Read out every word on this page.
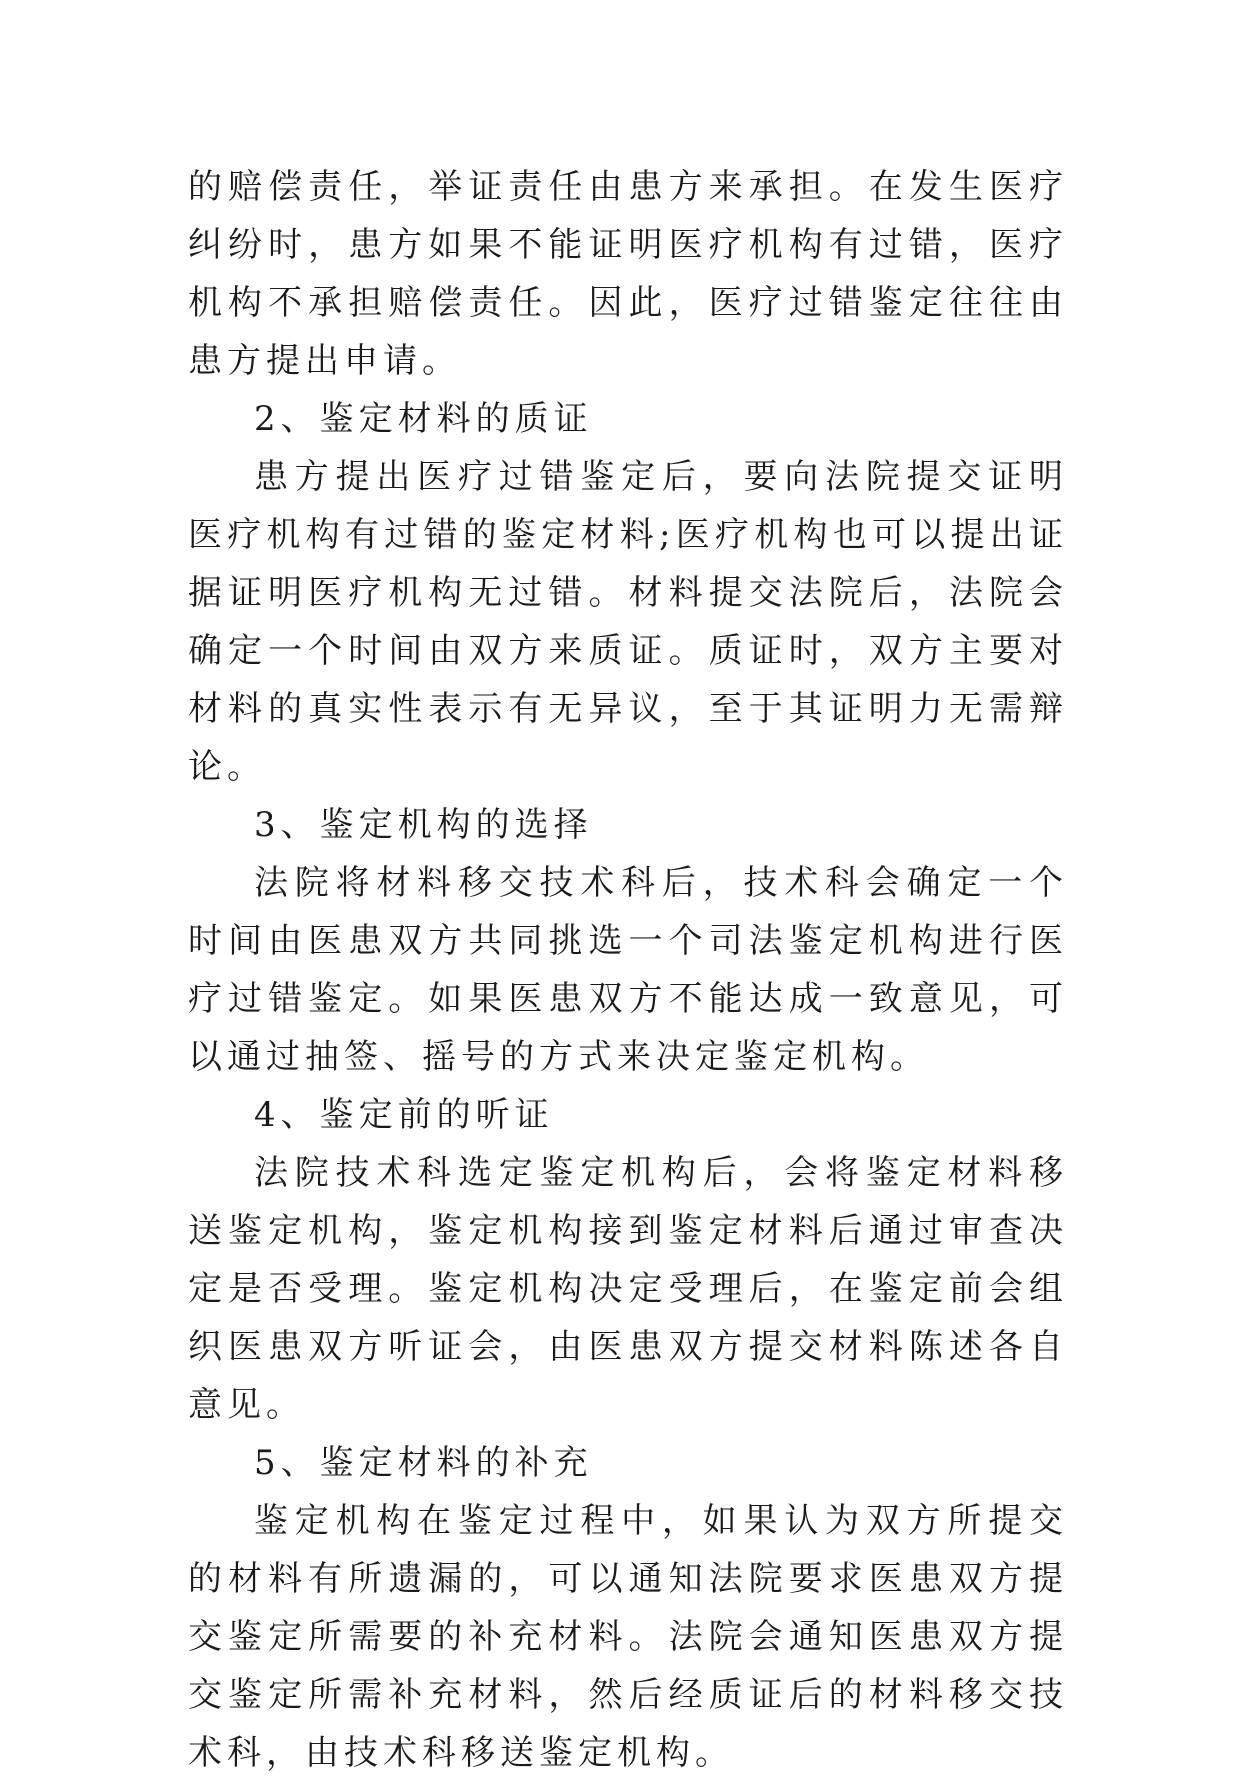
的赔偿责任，举证责任由患方来承担。在发生医疗纠纷时，患方如果不能证明医疗机构有过错，医疗机构不承担赔偿责任。因此，医疗过错鉴定往往由患方提出申请。

2、鉴定材料的质证

患方提出医疗过错鉴定后，要向法院提交证明医疗机构有过错的鉴定材料;医疗机构也可以提出证据证明医疗机构无过错。材料提交法院后，法院会确定一个时间由双方来质证。质证时，双方主要对材料的真实性表示有无异议，至于其证明力无需辩论。

3、鉴定机构的选择

法院将材料移交技术科后，技术科会确定一个时间由医患双方共同挑选一个司法鉴定机构进行医疗过错鉴定。如果医患双方不能达成一致意见，可以通过抽签、摇号的方式来决定鉴定机构。

4、鉴定前的听证

法院技术科选定鉴定机构后，会将鉴定材料移送鉴定机构，鉴定机构接到鉴定材料后通过审查决定是否受理。鉴定机构决定受理后，在鉴定前会组织医患双方听证会，由医患双方提交材料陈述各自意见。

5、鉴定材料的补充

鉴定机构在鉴定过程中，如果认为双方所提交的材料有所遗漏的，可以通知法院要求医患双方提交鉴定所需要的补充材料。法院会通知医患双方提交鉴定所需补充材料，然后经质证后的材料移交技术科，由技术科移送鉴定机构。
